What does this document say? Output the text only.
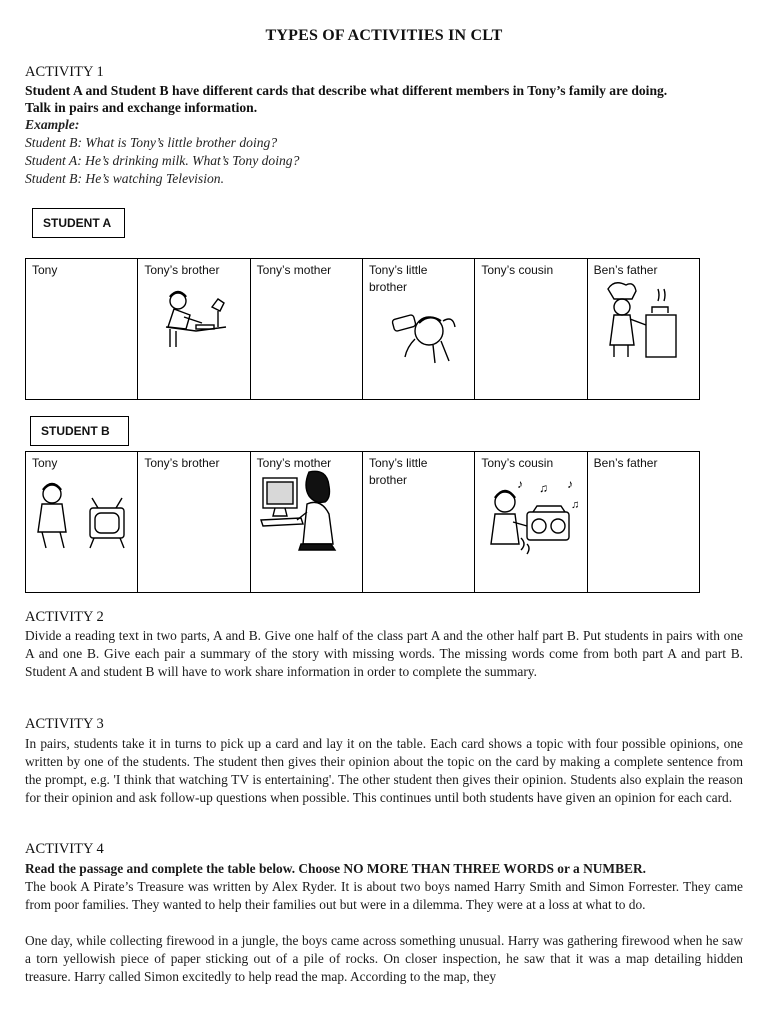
TYPES OF ACTIVITIES IN CLT
ACTIVITY 1
Student A and Student B have different cards that describe what different members in Tony’s family are doing.
Talk in pairs and exchange information.
Example:
Student B: What is Tony’s little brother doing?
Student A: He’s drinking milk. What’s Tony doing?
Student B: He’s watching Television.
STUDENT A
Tony	Tony’s brother	Tony’s mother	Tony’s little brother

Tony’s cousin	Ben’s father
STUDENT B
Tony	Tony’s brother	Tony’s mother	Tony’s little brother

Tony’s cousin
♪ ♫ ♪
♫

Ben’s father
ACTIVITY 2
Divide a reading text in two parts, A and B. Give one half of the class part A and the other half part B. Put students in pairs with one A and one B. Give each pair a summary of the story with missing words. The missing words come from both part A and part B. Student A and student B will have to work share information in order to complete the summary.
ACTIVITY 3
In pairs, students take it in turns to pick up a card and lay it on the table. Each card shows a topic with four possible opinions, one written by one of the students. The student then gives their opinion about the topic on the card by making a complete sentence from the prompt, e.g. 'I think that watching TV is entertaining'. The other student then gives their opinion. Students also explain the reason for their opinion and ask follow-up questions when possible. This continues until both students have given an opinion for each card.
ACTIVITY 4
Read the passage and complete the table below. Choose NO MORE THAN THREE WORDS or a NUMBER.
The book A Pirate’s Treasure was written by Alex Ryder. It is about two boys named Harry Smith and Simon Forrester. They came from poor families. They wanted to help their families out but were in a dilemma. They were at a loss at what to do.
One day, while collecting firewood in a jungle, the boys came across something unusual. Harry was gathering firewood when he saw a torn yellowish piece of paper sticking out of a pile of rocks. On closer inspection, he saw that it was a map detailing hidden treasure. Harry called Simon excitedly to help read the map. According to the map, they
